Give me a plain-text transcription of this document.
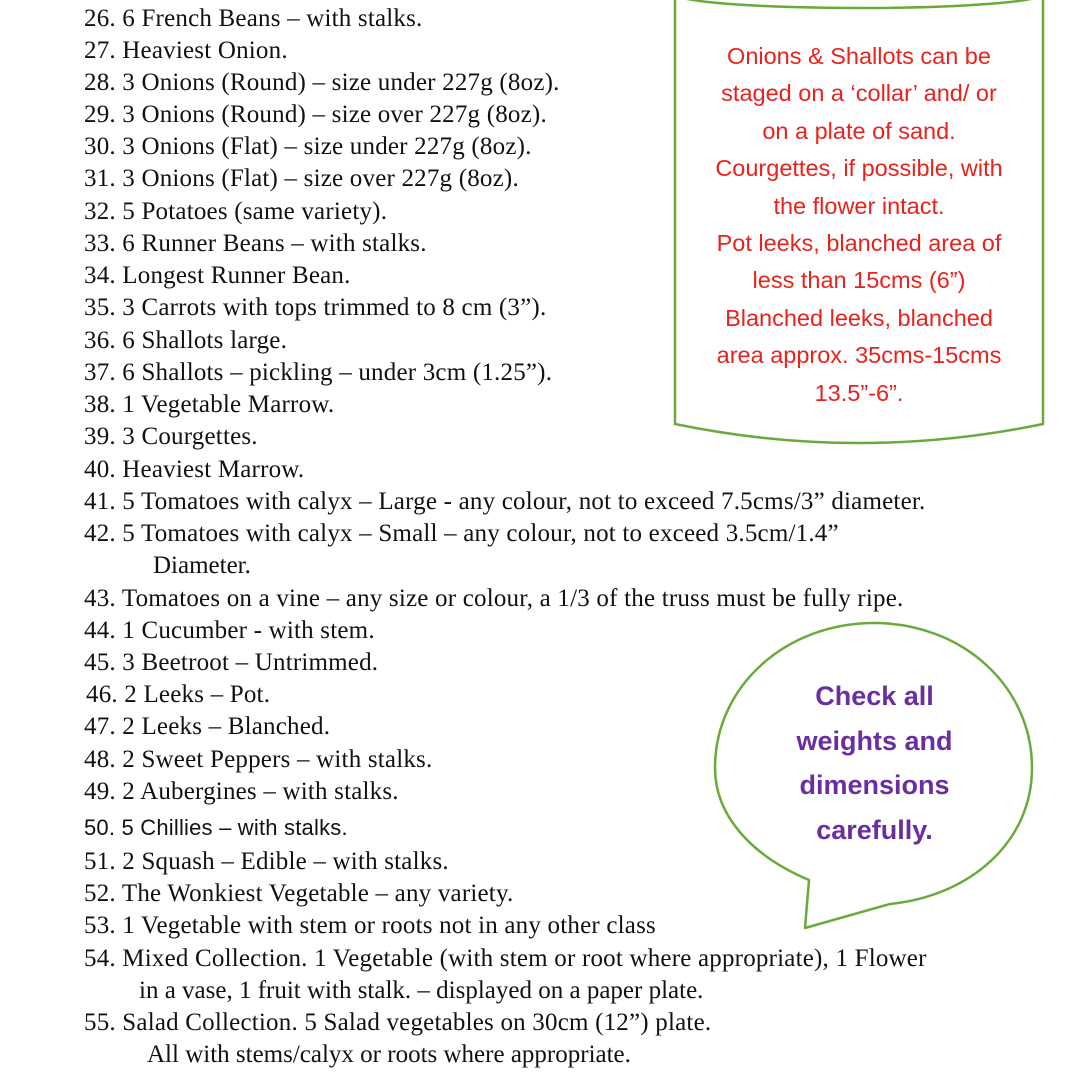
26. 6 French Beans – with stalks.
27. Heaviest Onion.
28. 3 Onions (Round) – size under 227g (8oz).
29. 3 Onions (Round) – size over 227g (8oz).
30. 3 Onions (Flat) – size under 227g (8oz).
31. 3 Onions (Flat) – size over 227g (8oz).
32. 5 Potatoes (same variety).
33. 6 Runner Beans – with stalks.
34. Longest Runner Bean.
35. 3 Carrots with tops trimmed to 8 cm (3”).
36. 6 Shallots large.
37. 6 Shallots – pickling – under 3cm (1.25”).
38. 1 Vegetable Marrow.
39. 3 Courgettes.
40. Heaviest Marrow.
41. 5 Tomatoes with calyx – Large - any colour, not to exceed 7.5cms/3” diameter.
42. 5 Tomatoes with calyx – Small – any colour, not to exceed 3.5cm/1.4”
Diameter.
43. Tomatoes on a vine – any size or colour, a 1/3 of the truss must be fully ripe.
44. 1 Cucumber - with stem.
45. 3 Beetroot – Untrimmed.
46. 2 Leeks – Pot.
47. 2 Leeks – Blanched.
48. 2 Sweet Peppers – with stalks.
49. 2 Aubergines – with stalks.
50. 5 Chillies – with stalks.
51. 2 Squash – Edible – with stalks.
52. The Wonkiest Vegetable – any variety.
53. 1 Vegetable with stem or roots not in any other class
54. Mixed Collection. 1 Vegetable (with stem or root where appropriate), 1 Flower
in a vase, 1 fruit with stalk. – displayed on a paper plate.
55. Salad Collection. 5 Salad vegetables on 30cm (12”) plate.
All with stems/calyx or roots where appropriate.
Onions & Shallots can be
staged on a ‘collar’ and/ or
on a plate of sand.
Courgettes, if possible, with
the flower intact.
Pot leeks, blanched area of
less than 15cms (6”)
Blanched leeks, blanched
area approx. 35cms-15cms
13.5”-6”.
Check all
weights and
dimensions
carefully.
